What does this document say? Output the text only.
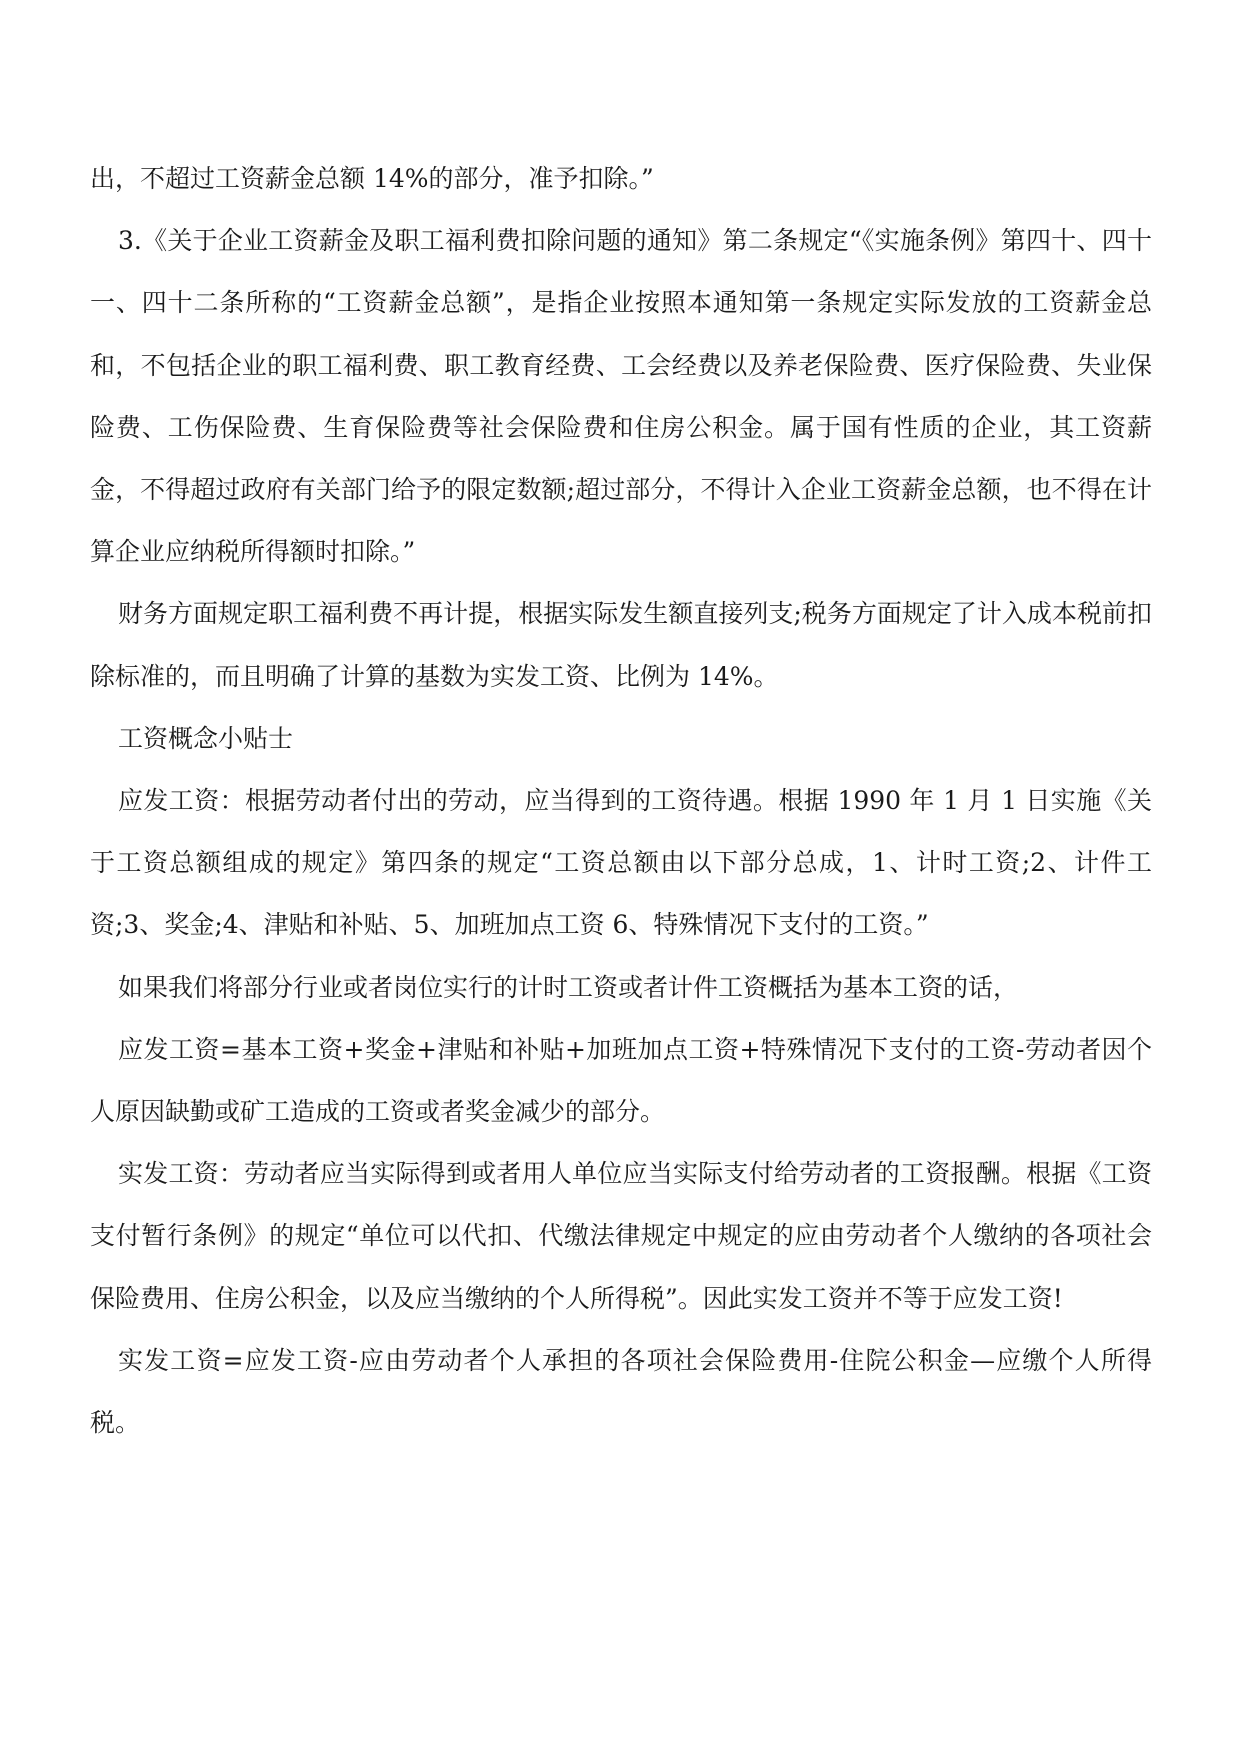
出，不超过工资薪金总额 14%的部分，准予扣除。”

3.《关于企业工资薪金及职工福利费扣除问题的通知》第二条规定“《实施条例》第四十、四十一、四十二条所称的“工资薪金总额”，是指企业按照本通知第一条规定实际发放的工资薪金总和，不包括企业的职工福利费、职工教育经费、工会经费以及养老保险费、医疗保险费、失业保险费、工伤保险费、生育保险费等社会保险费和住房公积金。属于国有性质的企业，其工资薪金，不得超过政府有关部门给予的限定数额;超过部分，不得计入企业工资薪金总额，也不得在计算企业应纳税所得额时扣除。”

财务方面规定职工福利费不再计提，根据实际发生额直接列支;税务方面规定了计入成本税前扣除标准的，而且明确了计算的基数为实发工资、比例为 14%。

工资概念小贴士

应发工资：根据劳动者付出的劳动，应当得到的工资待遇。根据 1990 年 1 月 1 日实施《关于工资总额组成的规定》第四条的规定“工资总额由以下部分总成，1、计时工资;2、计件工资;3、奖金;4、津贴和补贴、5、加班加点工资 6、特殊情况下支付的工资。”

如果我们将部分行业或者岗位实行的计时工资或者计件工资概括为基本工资的话，

应发工资=基本工资+奖金+津贴和补贴+加班加点工资+特殊情况下支付的工资-劳动者因个人原因缺勤或矿工造成的工资或者奖金减少的部分。

实发工资：劳动者应当实际得到或者用人单位应当实际支付给劳动者的工资报酬。根据《工资支付暂行条例》的规定“单位可以代扣、代缴法律规定中规定的应由劳动者个人缴纳的各项社会保险费用、住房公积金，以及应当缴纳的个人所得税”。因此实发工资并不等于应发工资!

实发工资=应发工资-应由劳动者个人承担的各项社会保险费用-住院公积金—应缴个人所得税。
